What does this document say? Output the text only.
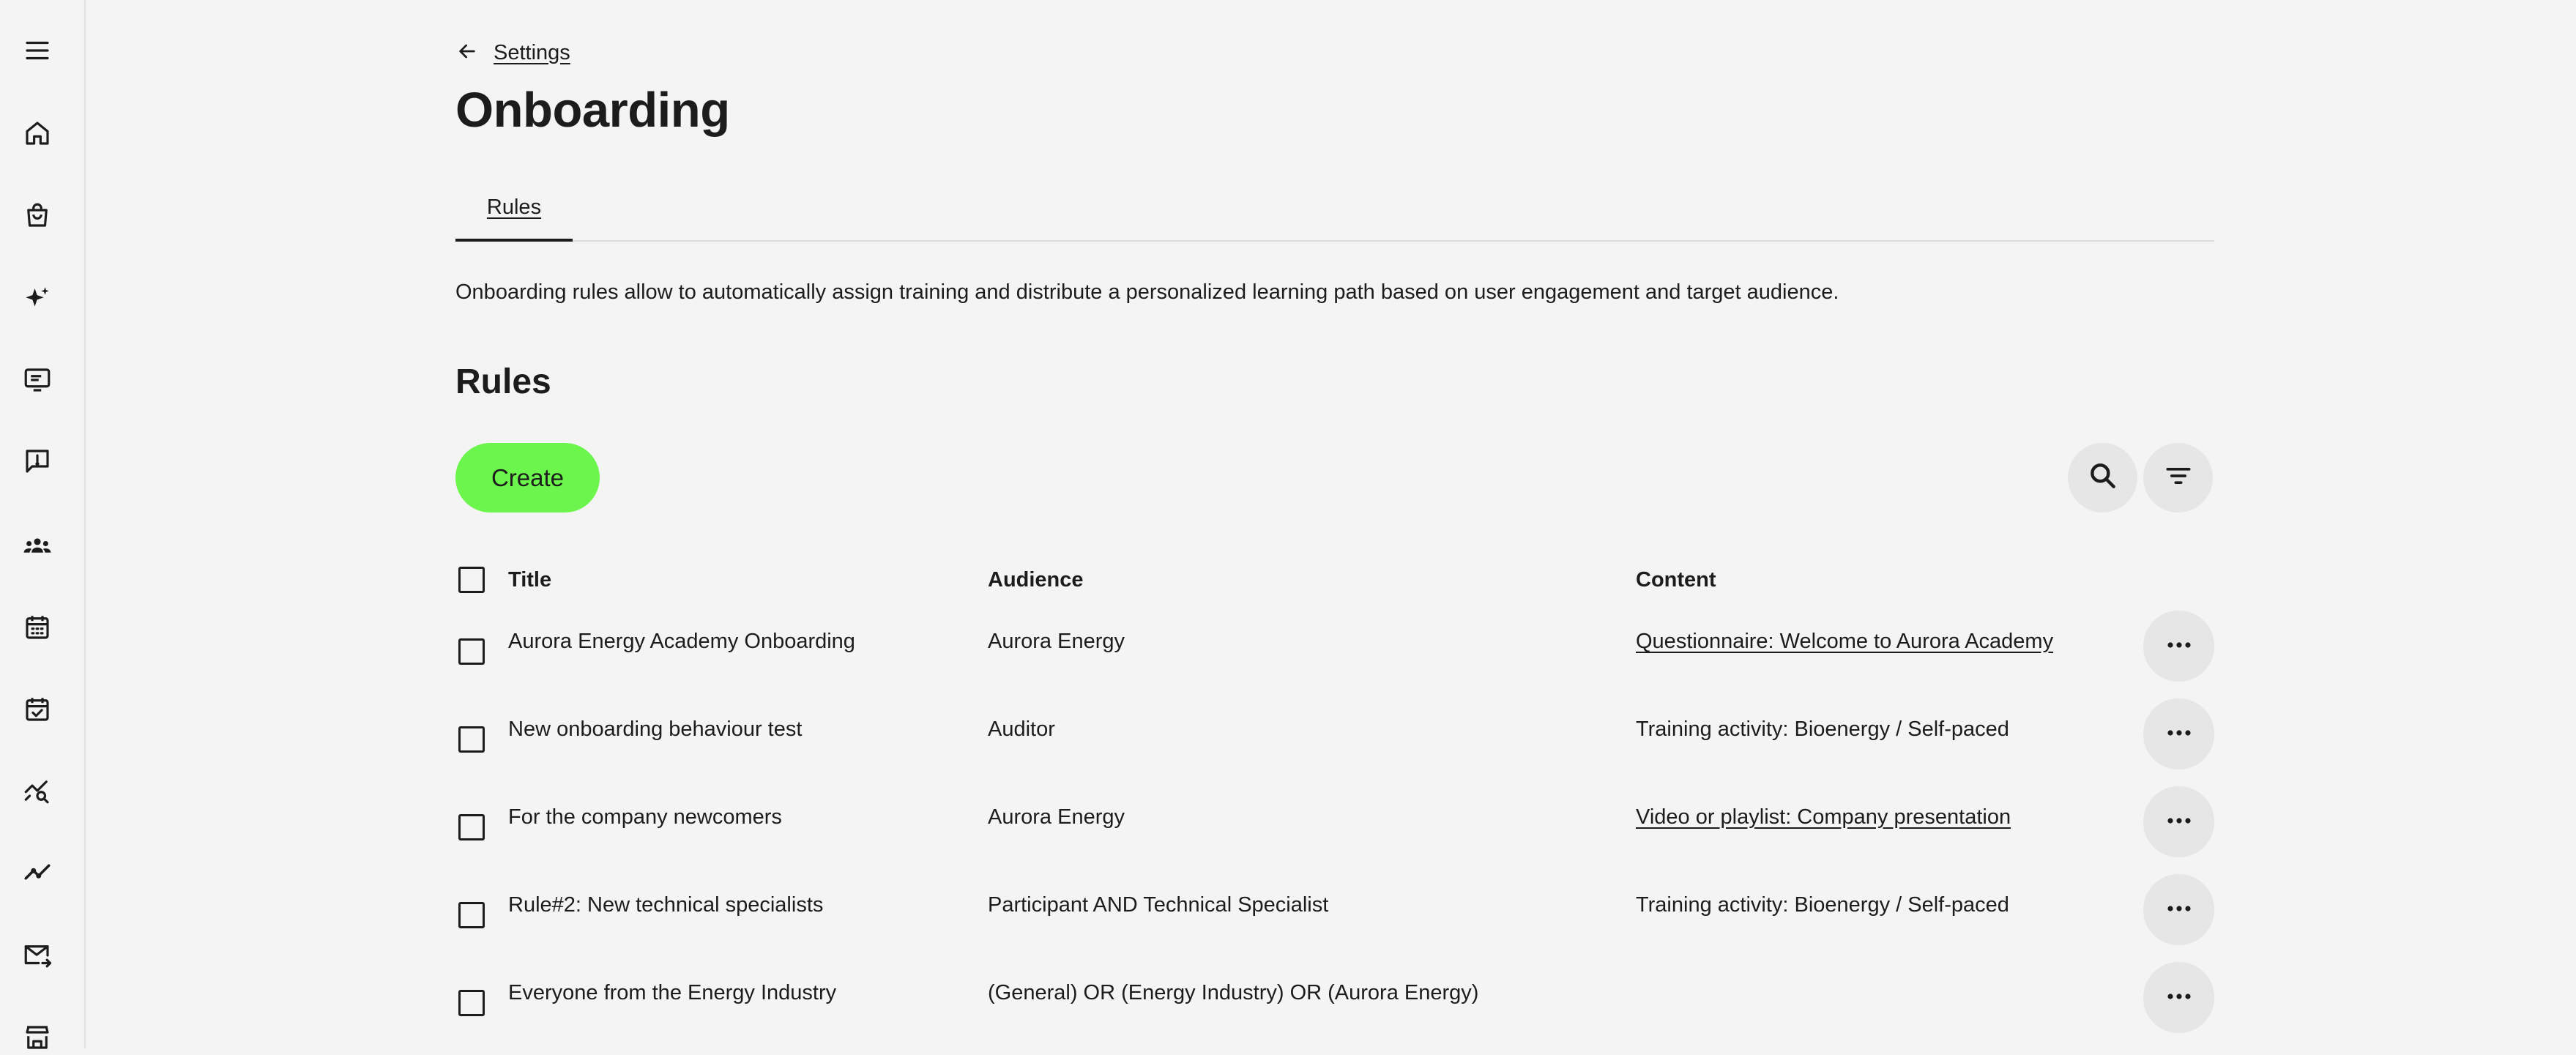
Settings
Onboarding
Rules

Onboarding rules allow to automatically assign training and distribute a personalized learning path based on user engagement and target audience.

Rules
Create
Title	Audience	Content
Aurora Energy Academy Onboarding	Aurora Energy	Questionnaire: Welcome to Aurora Academy
New onboarding behaviour test	Auditor	Training activity: Bioenergy / Self-paced
For the company newcomers	Aurora Energy	Video or playlist: Company presentation
Rule#2: New technical specialists	Participant AND Technical Specialist	Training activity: Bioenergy / Self-paced
Everyone from the Energy Industry	(General) OR (Energy Industry) OR (Aurora Energy)
